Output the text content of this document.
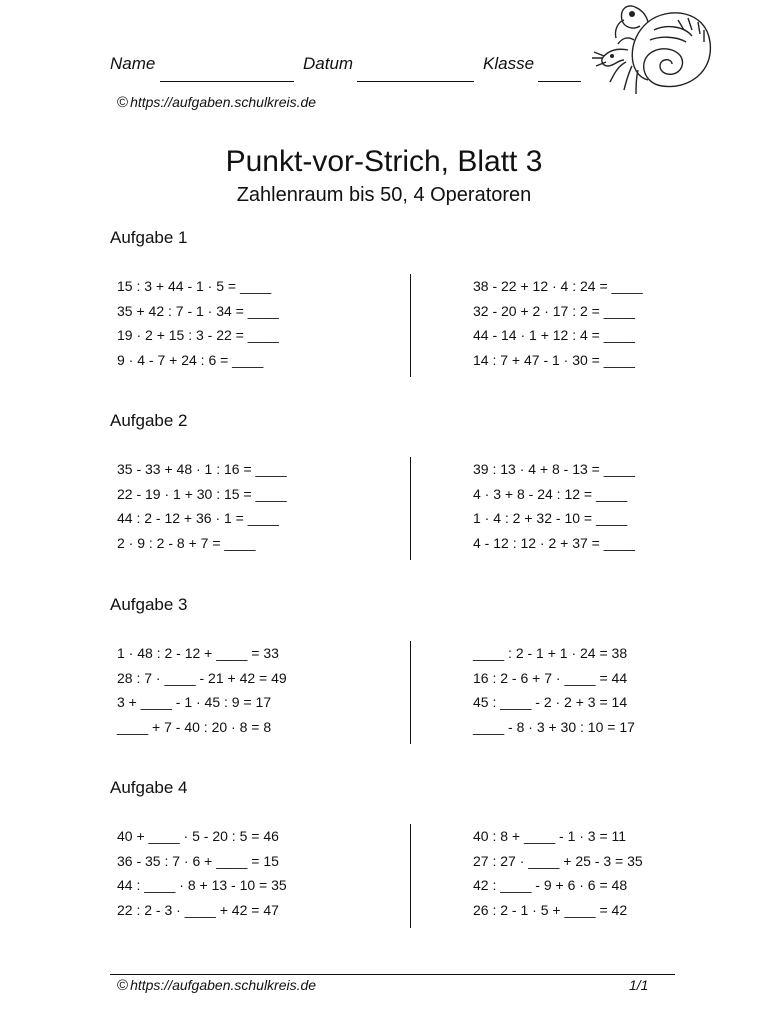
Name	Datum	Klasse
© https://aufgaben.schulkreis.de
Punkt-vor-Strich, Blatt 3
Zahlenraum bis 50, 4 Operatoren
Aufgabe 1
15 : 3 + 44 - 1 · 5 = ____
35 + 42 : 7 - 1 · 34 = ____
19 · 2 + 15 : 3 - 22 = ____
9 · 4 - 7 + 24 : 6 = ____
38 - 22 + 12 · 4 : 24 = ____
32 - 20 + 2 · 17 : 2 = ____
44 - 14 · 1 + 12 : 4 = ____
14 : 7 + 47 - 1 · 30 = ____
Aufgabe 2
35 - 33 + 48 · 1 : 16 = ____
22 - 19 · 1 + 30 : 15 = ____
44 : 2 - 12 + 36 · 1 = ____
2 · 9 : 2 - 8 + 7 = ____
39 : 13 · 4 + 8 - 13 = ____
4 · 3 + 8 - 24 : 12 = ____
1 · 4 : 2 + 32 - 10 = ____
4 - 12 : 12 · 2 + 37 = ____
Aufgabe 3
1 · 48 : 2 - 12 + ____ = 33
28 : 7 · ____ - 21 + 42 = 49
3 + ____ - 1 · 45 : 9 = 17
____ + 7 - 40 : 20 · 8 = 8
____ : 2 - 1 + 1 · 24 = 38
16 : 2 - 6 + 7 · ____ = 44
45 : ____ - 2 · 2 + 3 = 14
____ - 8 · 3 + 30 : 10 = 17
Aufgabe 4
40 + ____ · 5 - 20 : 5 = 46
36 - 35 : 7 · 6 + ____ = 15
44 : ____ · 8 + 13 - 10 = 35
22 : 2 - 3 · ____ + 42 = 47
40 : 8 + ____ - 1 · 3 = 11
27 : 27 · ____ + 25 - 3 = 35
42 : ____ - 9 + 6 · 6 = 48
26 : 2 - 1 · 5 + ____ = 42
© https://aufgaben.schulkreis.de	1/1
